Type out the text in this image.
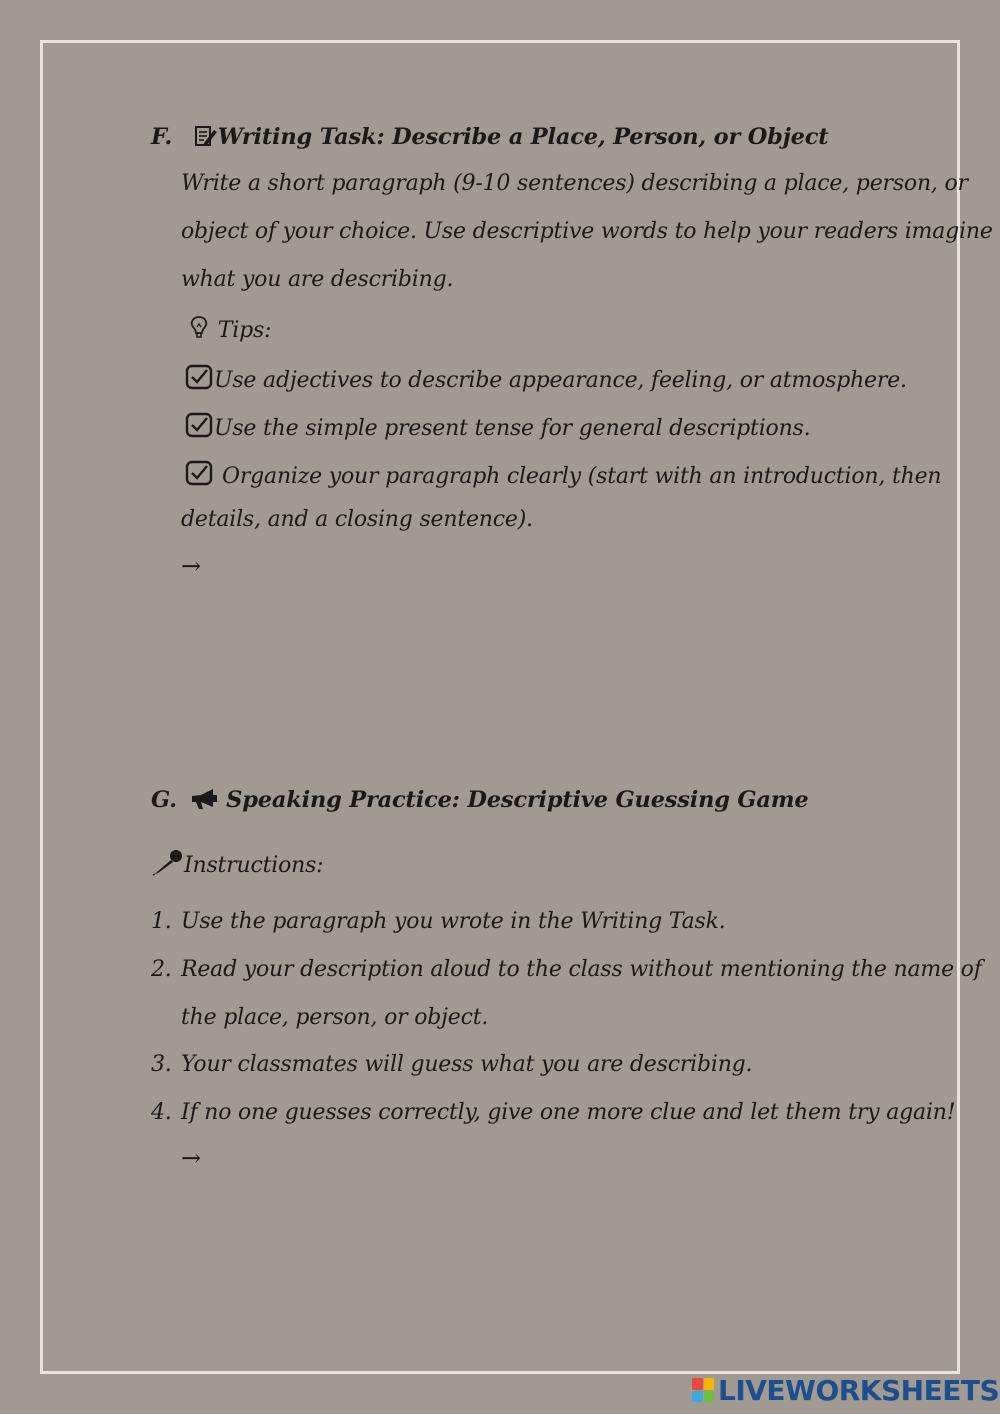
F. Writing Task: Describe a Place, Person, or Object
Write a short paragraph (9-10 sentences) describing a place, person, or
object of your choice. Use descriptive words to help your readers imagine
what you are describing.
Tips:
Use adjectives to describe appearance, feeling, or atmosphere.
Use the simple present tense for general descriptions.
Organize your paragraph clearly (start with an introduction, then
details, and a closing sentence).
→
G. Speaking Practice: Descriptive Guessing Game
Instructions:
1. Use the paragraph you wrote in the Writing Task.
2. Read your description aloud to the class without mentioning the name of
the place, person, or object.
3. Your classmates will guess what you are describing.
4. If no one guesses correctly, give one more clue and let them try again!
→
LIVEWORKSHEETS
